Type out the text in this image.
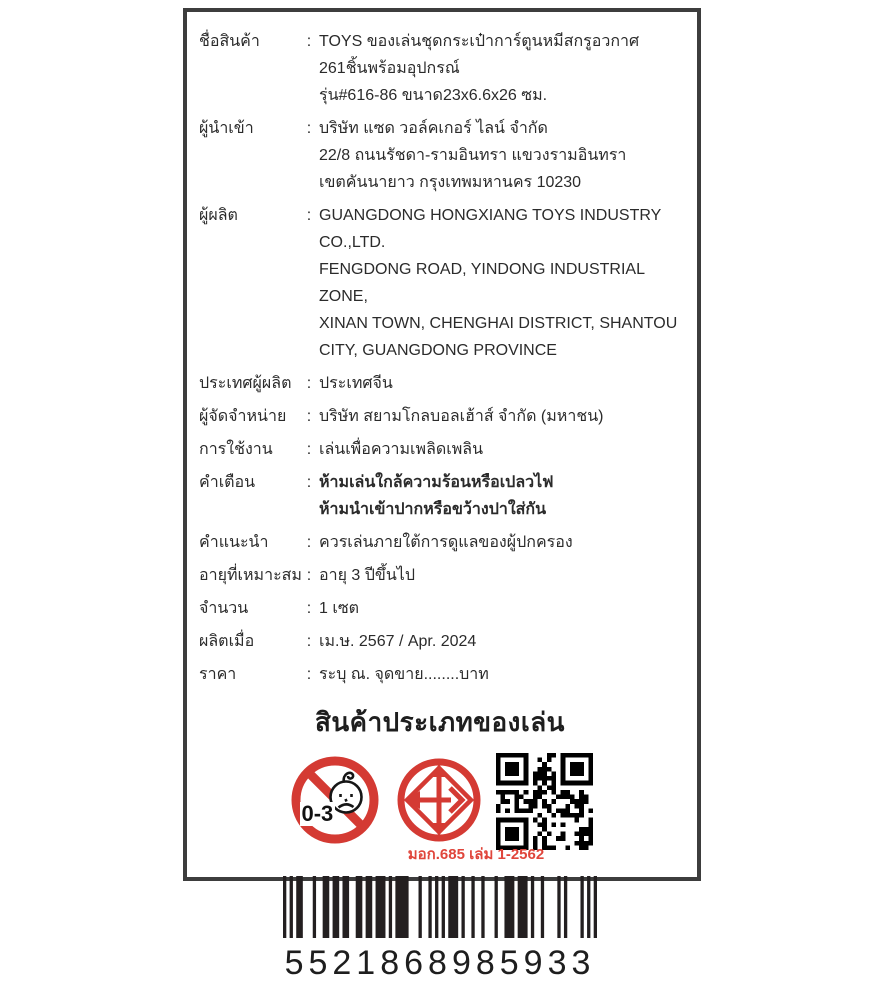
ชื่อสินค้า	: TOYS ของเล่นชุดกระเป๋าการ์ตูนหมีสกรูอวกาศ 261ชิ้นพร้อมอุปกรณ์
รุ่น#616-86 ขนาด23x6.6x26 ซม.
ผู้นำเข้า	: บริษัท แซด วอล์คเกอร์ ไลน์ จำกัด
22/8 ถนนรัชดา-รามอินทรา แขวงรามอินทรา
เขตคันนายาว กรุงเทพมหานคร 10230
ผู้ผลิต	: GUANGDONG HONGXIANG TOYS INDUSTRY CO.,LTD.
FENGDONG ROAD, YINDONG INDUSTRIAL ZONE,
XINAN TOWN, CHENGHAI DISTRICT, SHANTOU
CITY, GUANGDONG PROVINCE
ประเทศผู้ผลิต : ประเทศจีน
ผู้จัดจำหน่าย	: บริษัท สยามโกลบอลเฮ้าส์ จำกัด (มหาชน)
การใช้งาน	: เล่นเพื่อความเพลิดเพลิน
คำเตือน	: ห้ามเล่นใกล้ความร้อนหรือเปลวไฟ
ห้ามนำเข้าปากหรือขว้างปาใส่กัน
คำแนะนำ	: ควรเล่นภายใต้การดูแลของผู้ปกครอง
อายุที่เหมาะสม : อายุ 3 ปีขึ้นไป
จำนวน	: 1 เซต
ผลิตเมื่อ	: เม.ษ. 2567 / Apr. 2024
ราคา	: ระบุ ณ. จุดขาย........บาท
สินค้าประเภทของเล่น
0-3
มอก.685 เล่ม 1-2562
5521868985933
